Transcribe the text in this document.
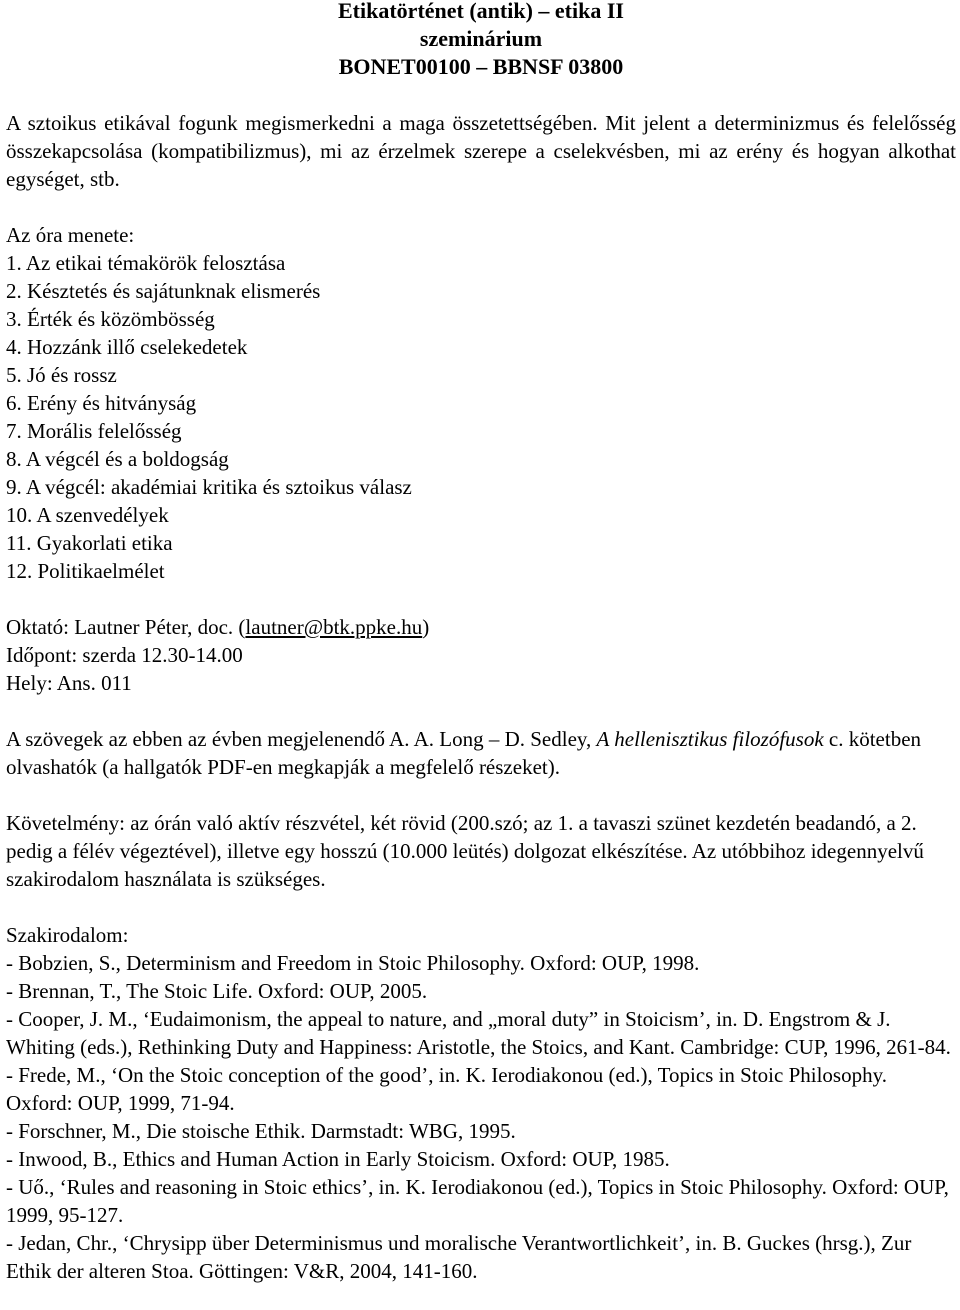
Etikatörténet (antik) – etika II
szeminárium
BONET00100 – BBNSF 03800

A sztoikus etikával fogunk megismerkedni a maga összetettségében. Mit jelent a determinizmus és felelősség összekapcsolása (kompatibilizmus), mi az érzelmek szerepe a cselekvésben, mi az erény és hogyan alkothat egységet, stb.

Az óra menete:

1. Az etikai témakörök felosztása
2. Késztetés és sajátunknak elismerés
3. Érték és közömbösség
4. Hozzánk illő cselekedetek
5. Jó és rossz
6. Erény és hitványság
7. Morális felelősség
8. A végcél és a boldogság
9. A végcél: akadémiai kritika és sztoikus válasz
10. A szenvedélyek
11. Gyakorlati etika
12. Politikaelmélet

Oktató: Lautner Péter, doc. (lautner@btk.ppke.hu)

Időpont: szerda 12.30-14.00

Hely: Ans. 011

A szövegek az ebben az évben megjelenendő A. A. Long – D. Sedley, A hellenisztikus filozófusok c. kötetben olvashatók (a hallgatók PDF-en megkapják a megfelelő részeket).

Követelmény: az órán való aktív részvétel, két rövid (200.szó; az 1. a tavaszi szünet kezdetén beadandó, a 2. pedig a félév végeztével), illetve egy hosszú (10.000 leütés) dolgozat elkészítése. Az utóbbihoz idegennyelvű szakirodalom használata is szükséges.

Szakirodalom:

- Bobzien, S., Determinism and Freedom in Stoic Philosophy. Oxford: OUP, 1998.
- Brennan, T., The Stoic Life. Oxford: OUP, 2005.
- Cooper, J. M., ‘Eudaimonism, the appeal to nature, and „moral duty” in Stoicism’, in. D. Engstrom & J. Whiting (eds.), Rethinking Duty and Happiness: Aristotle, the Stoics, and Kant. Cambridge: CUP, 1996, 261-84.
- Frede, M., ‘On the Stoic conception of the good’, in. K. Ierodiakonou (ed.), Topics in Stoic Philosophy. Oxford: OUP, 1999, 71-94.
- Forschner, M., Die stoische Ethik. Darmstadt: WBG, 1995.
- Inwood, B., Ethics and Human Action in Early Stoicism. Oxford: OUP, 1985.
- Uő., ‘Rules and reasoning in Stoic ethics’, in. K. Ierodiakonou (ed.), Topics in Stoic Philosophy. Oxford: OUP, 1999, 95-127.
- Jedan, Chr., ‘Chrysipp über Determinismus und moralische Verantwortlichkeit’, in. B. Guckes (hrsg.), Zur Ethik der alteren Stoa. Göttingen: V&R, 2004, 141-160.
